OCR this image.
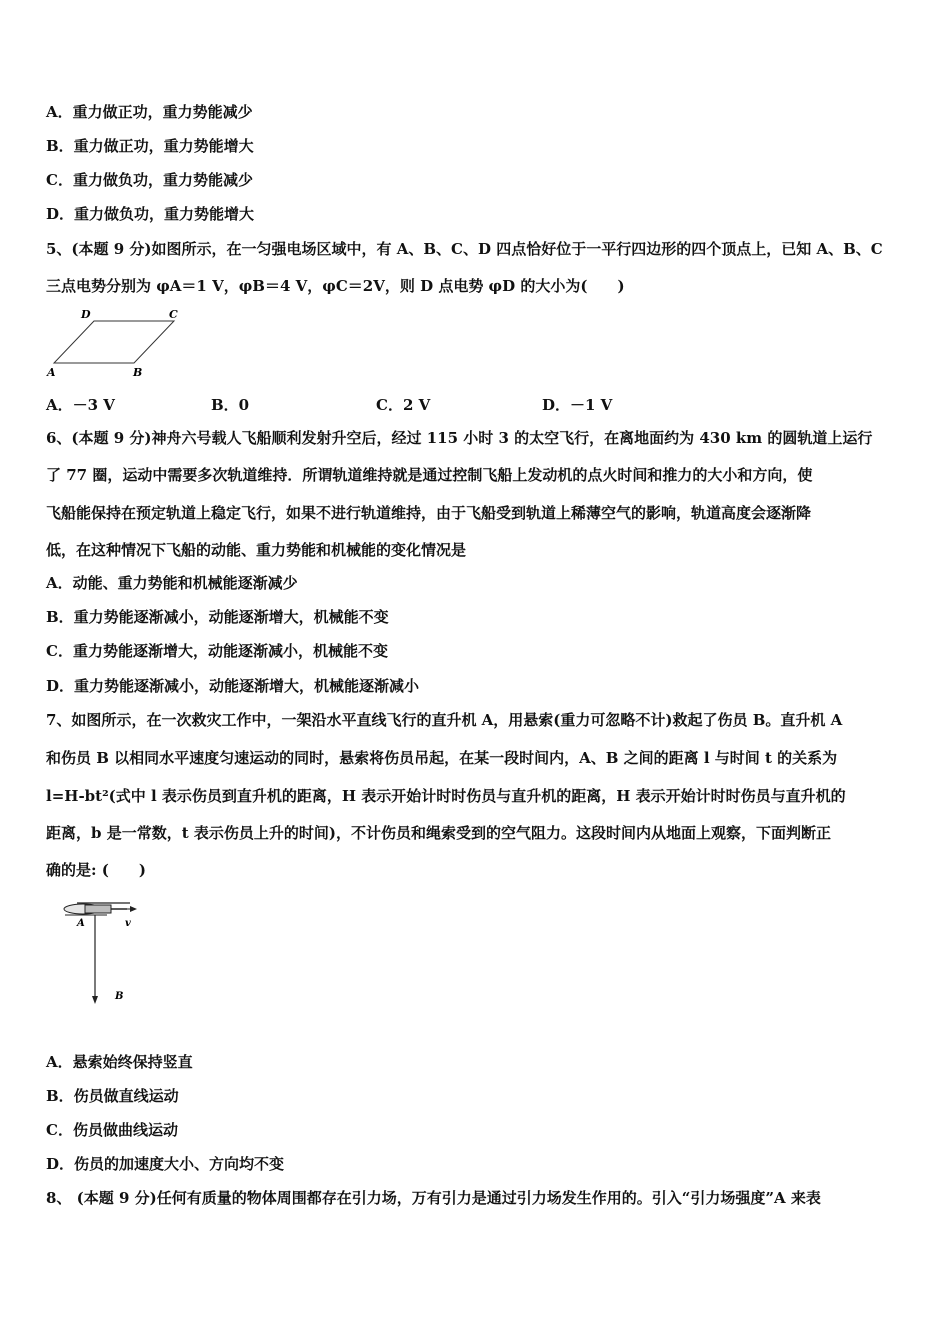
A．重力做正功，重力势能减少
B．重力做正功，重力势能增大
C．重力做负功，重力势能减少
D．重力做负功，重力势能增大
5、(本题 9 分)如图所示，在一匀强电场区域中，有 A、B、C、D 四点恰好位于一平行四边形的四个顶点上，已知 A、B、C
三点电势分别为 φA＝1 V，φB＝4 V，φC＝2V，则 D 点电势 φD 的大小为(　　)
A	B
C
D
A．－3 V	B．0	C．2 V	D．－1 V
6、(本题 9 分)神舟六号载人飞船顺利发射升空后，经过 115 小时 3 的太空飞行，在离地面约为 430 km 的圆轨道上运行
了 77 圈，运动中需要多次轨道维持．所谓轨道维持就是通过控制飞船上发动机的点火时间和推力的大小和方向，使
飞船能保持在预定轨道上稳定飞行，如果不进行轨道维持，由于飞船受到轨道上稀薄空气的影响，轨道高度会逐渐降
低，在这种情况下飞船的动能、重力势能和机械能的变化情况是
A．动能、重力势能和机械能逐渐减少
B．重力势能逐渐减小，动能逐渐增大，机械能不变
C．重力势能逐渐增大，动能逐渐减小，机械能不变
D．重力势能逐渐减小，动能逐渐增大，机械能逐渐减小
7、如图所示，在一次救灾工作中，一架沿水平直线飞行的直升机 A，用悬索(重力可忽略不计)救起了伤员 B。直升机 A
和伤员 B 以相同水平速度匀速运动的同时，悬索将伤员吊起，在某一段时间内，A、B 之间的距离 l 与时间 t 的关系为
l=H-bt²(式中 l 表示伤员到直升机的距离，H 表示开始计时时伤员与直升机的距离，H 表示开始计时时伤员与直升机的
距离，b 是一常数，t 表示伤员上升的时间)，不计伤员和绳索受到的空气阻力。这段时间内从地面上观察，下面判断正
确的是: (　　)
A	v
B
A．悬索始终保持竖直
B．伤员做直线运动
C．伤员做曲线运动
D．伤员的加速度大小、方向均不变
8、 (本题 9 分)任何有质量的物体周围都存在引力场，万有引力是通过引力场发生作用的。引入“引力场强度”A 来表
